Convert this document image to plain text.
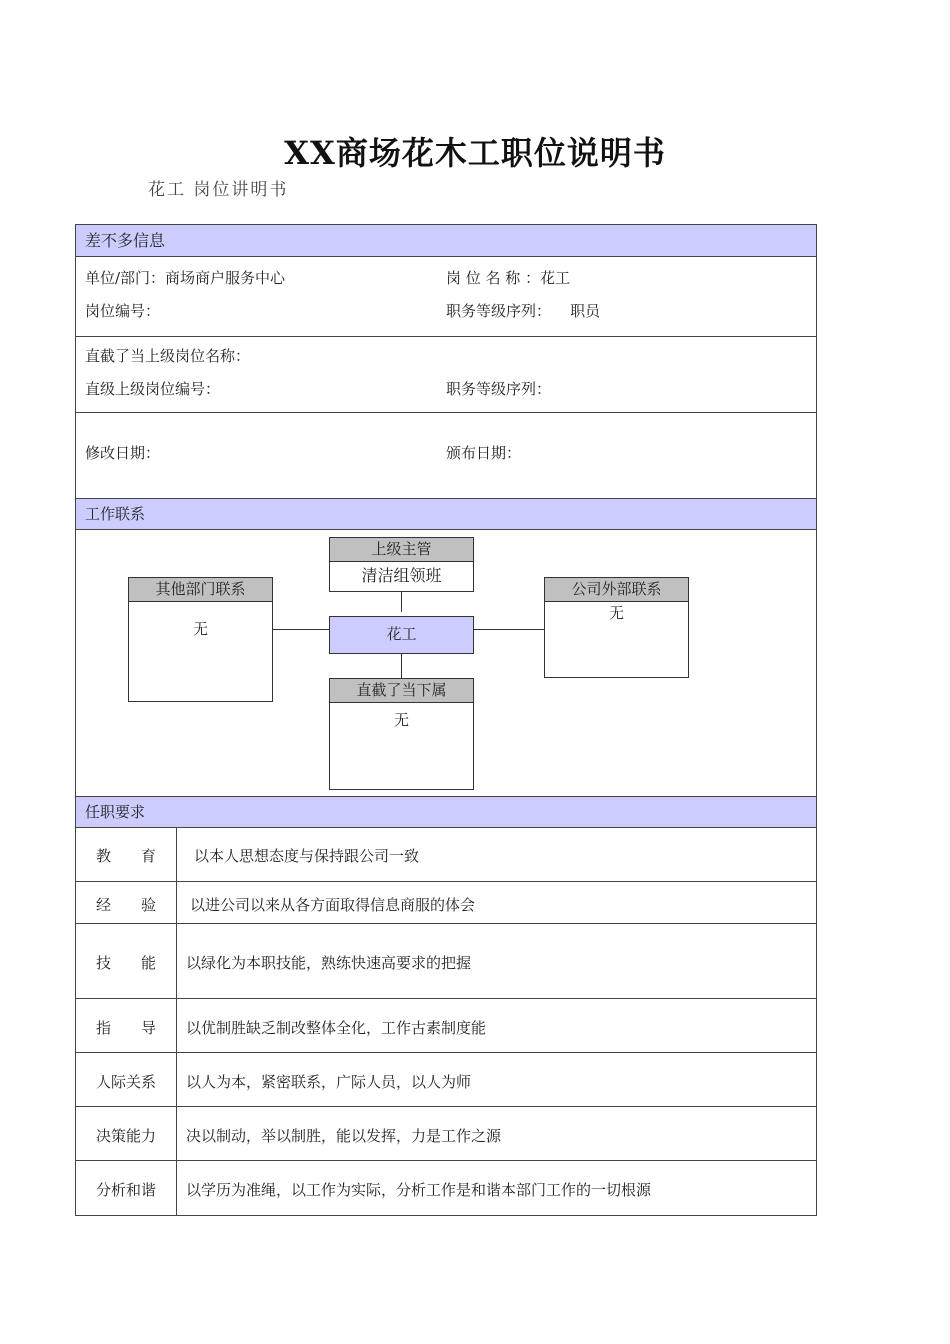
XX商场花木工职位说明书
花工 岗位讲明书
差不多信息
单位/部门：商场商户服务中心	岗 位 名 称 ：花工
岗位编号：	职务等级序列：    职员
直截了当上级岗位名称：
直级上级岗位编号：	职务等级序列：
修改日期：	颁布日期：
工作联系
上级主管
清洁组领班
其他部门联系
无	花工
公司外部联系
无
直截了当下属
无
任职要求
教　　育	以本人思想态度与保持跟公司一致
经　　验	以进公司以来从各方面取得信息商服的体会
技　　能	以绿化为本职技能，熟练快速高要求的把握
指　　导	以优制胜缺乏制改整体全化，工作古素制度能
人际关系	以人为本，紧密联系，广际人员，以人为师
决策能力	决以制动，举以制胜，能以发挥，力是工作之源
分析和谐	以学历为准绳，以工作为实际，分析工作是和谐本部门工作的一切根源
